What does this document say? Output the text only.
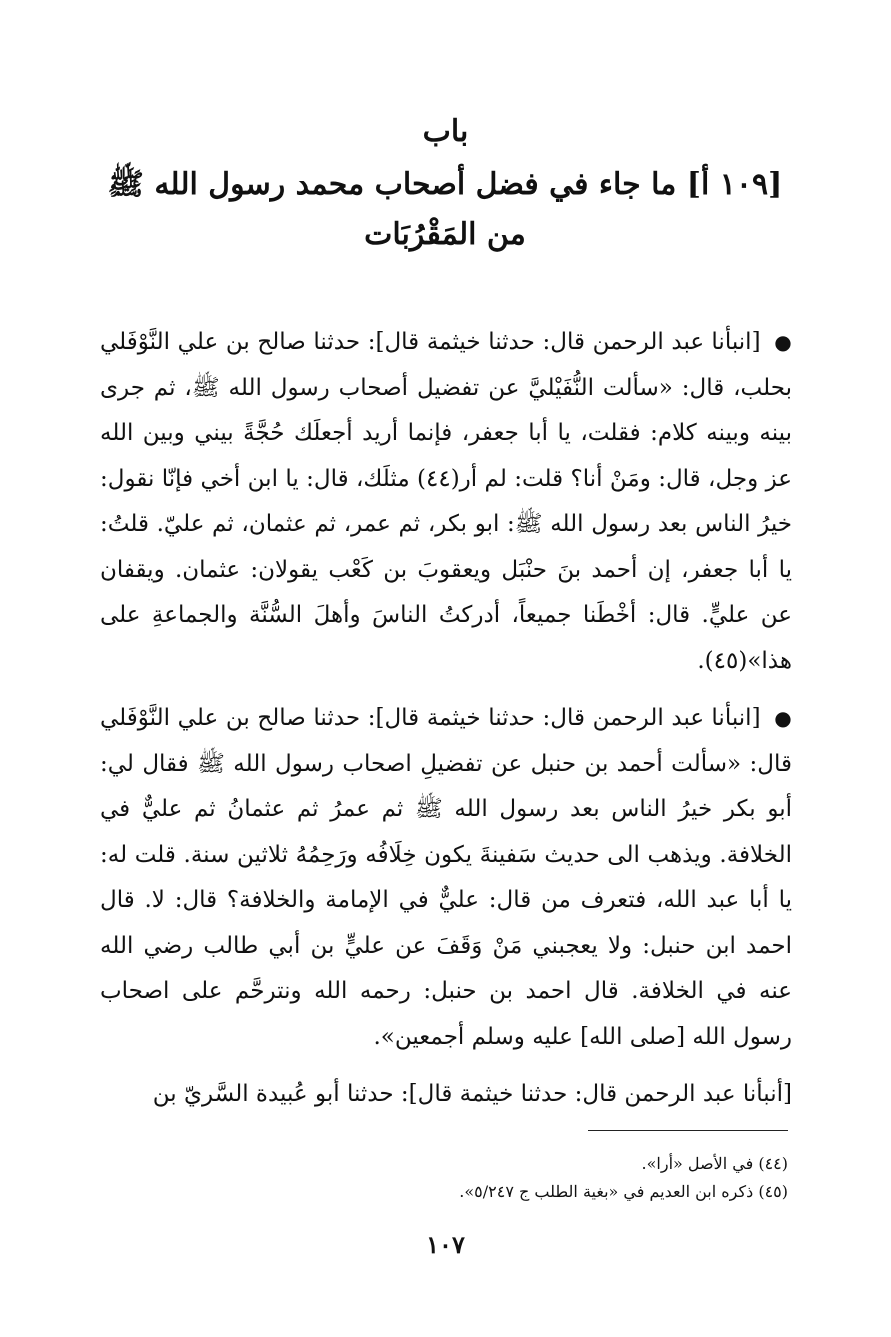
باب
[١٠٩ أ] ما جاء في فضل أصحاب محمد رسول الله ﷺ من المَقْرُبَات

● [انبأنا عبد الرحمن قال: حدثنا خيثمة قال]: حدثنا صالح بن علي النَّوْفَلي بحلب، قال: «سألت النُّفَيْليَّ عن تفضيل أصحاب رسول الله ﷺ، ثم جرى بينه وبينه كلام: فقلت، يا أبا جعفر، فإنما أريد أجعلَك حُجَّةً بيني وبين الله عز وجل، قال: ومَنْ أنا؟ قلت: لم أر(٤٤) مثلَك، قال: يا ابن أخي فإنّا نقول: خيرُ الناس بعد رسول الله ﷺ: ابو بكر، ثم عمر، ثم عثمان، ثم عليّ. قلتُ: يا أبا جعفر، إن أحمد بنَ حنْبَل ويعقوبَ بن كَعْب يقولان: عثمان. ويقفان عن عليٍّ. قال: أخْطَنا جميعاً، أدركتُ الناسَ وأهلَ السُّنَّة والجماعةِ على هذا»(٤٥).

● [انبأنا عبد الرحمن قال: حدثنا خيثمة قال]: حدثنا صالح بن علي النَّوْفَلي قال: «سألت أحمد بن حنبل عن تفضيلِ اصحاب رسول الله ﷺ فقال لي: أبو بكر خيرُ الناس بعد رسول الله ﷺ ثم عمرُ ثم عثمانُ ثم عليٌّ في الخلافة. ويذهب الى حديث سَفينةَ يكون خِلَافُه ورَحِمُهُ ثلاثين سنة. قلت له: يا أبا عبد الله، فتعرف من قال: عليٌّ في الإمامة والخلافة؟ قال: لا. قال احمد ابن حنبل: ولا يعجبني مَنْ وَقَفَ عن عليٍّ بن أبي طالب رضي الله عنه في الخلافة. قال احمد بن حنبل: رحمه الله ونترحَّم على اصحاب رسول الله [صلى الله] عليه وسلم أجمعين».

[أنبأنا عبد الرحمن قال: حدثنا خيثمة قال]: حدثنا أبو عُبيدة السَّريّ بن

(٤٤) في الأصل «أرا».
(٤٥) ذكره ابن العديم في «بغية الطلب ج ٥/٢٤٧».
١٠٧
